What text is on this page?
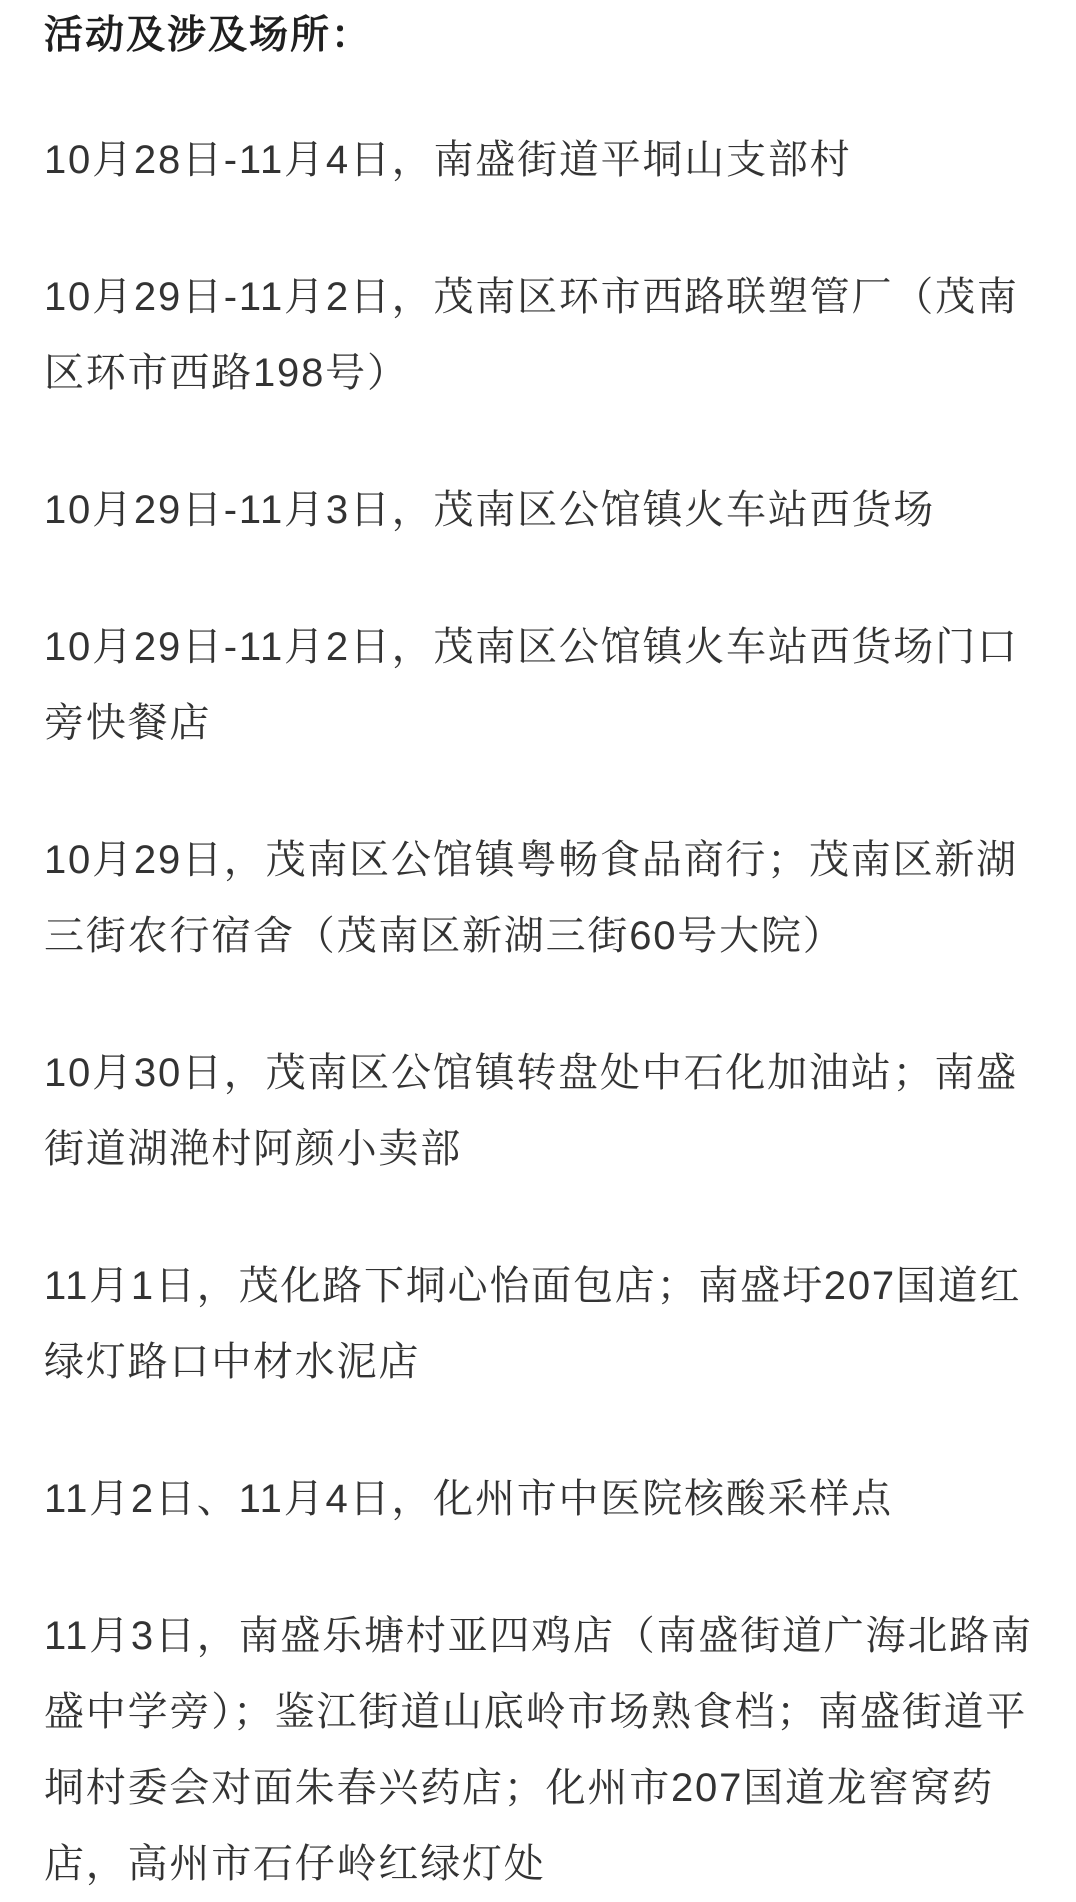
活动及涉及场所：

10月28日-11月4日，南盛街道平垌山支部村

10月29日-11月2日，茂南区环市西路联塑管厂（茂南区环市西路198号）

10月29日-11月3日，茂南区公馆镇火车站西货场

10月29日-11月2日，茂南区公馆镇火车站西货场门口旁快餐店

10月29日，茂南区公馆镇粤畅食品商行；茂南区新湖三街农行宿舍（茂南区新湖三街60号大院）

10月30日，茂南区公馆镇转盘处中石化加油站；南盛街道湖滟村阿颜小卖部

11月1日，茂化路下垌心怡面包店；南盛圩207国道红绿灯路口中材水泥店

11月2日、11月4日，化州市中医院核酸采样点

11月3日，南盛乐塘村亚四鸡店（南盛街道广海北路南盛中学旁）；鉴江街道山底岭市场熟食档；南盛街道平垌村委会对面朱春兴药店；化州市207国道龙窖窝药店，高州市石仔岭红绿灯处
